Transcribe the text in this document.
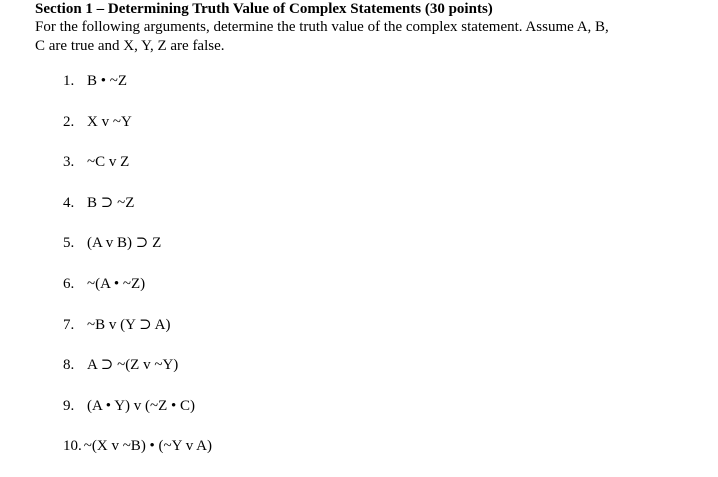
Section 1 – Determining Truth Value of Complex Statements (30 points)
For the following arguments, determine the truth value of the complex statement. Assume A, B,
C are true and X, Y, Z are false.
1. B • ~Z
2. X v ~Y
3. ~C v Z
4. B ⊃ ~Z
5. (A v B) ⊃ Z
6. ~(A • ~Z)
7. ~B v (Y ⊃ A)
8. A ⊃ ~(Z v ~Y)
9. (A • Y) v (~Z • C)
10. ~(X v ~B) • (~Y v A)
